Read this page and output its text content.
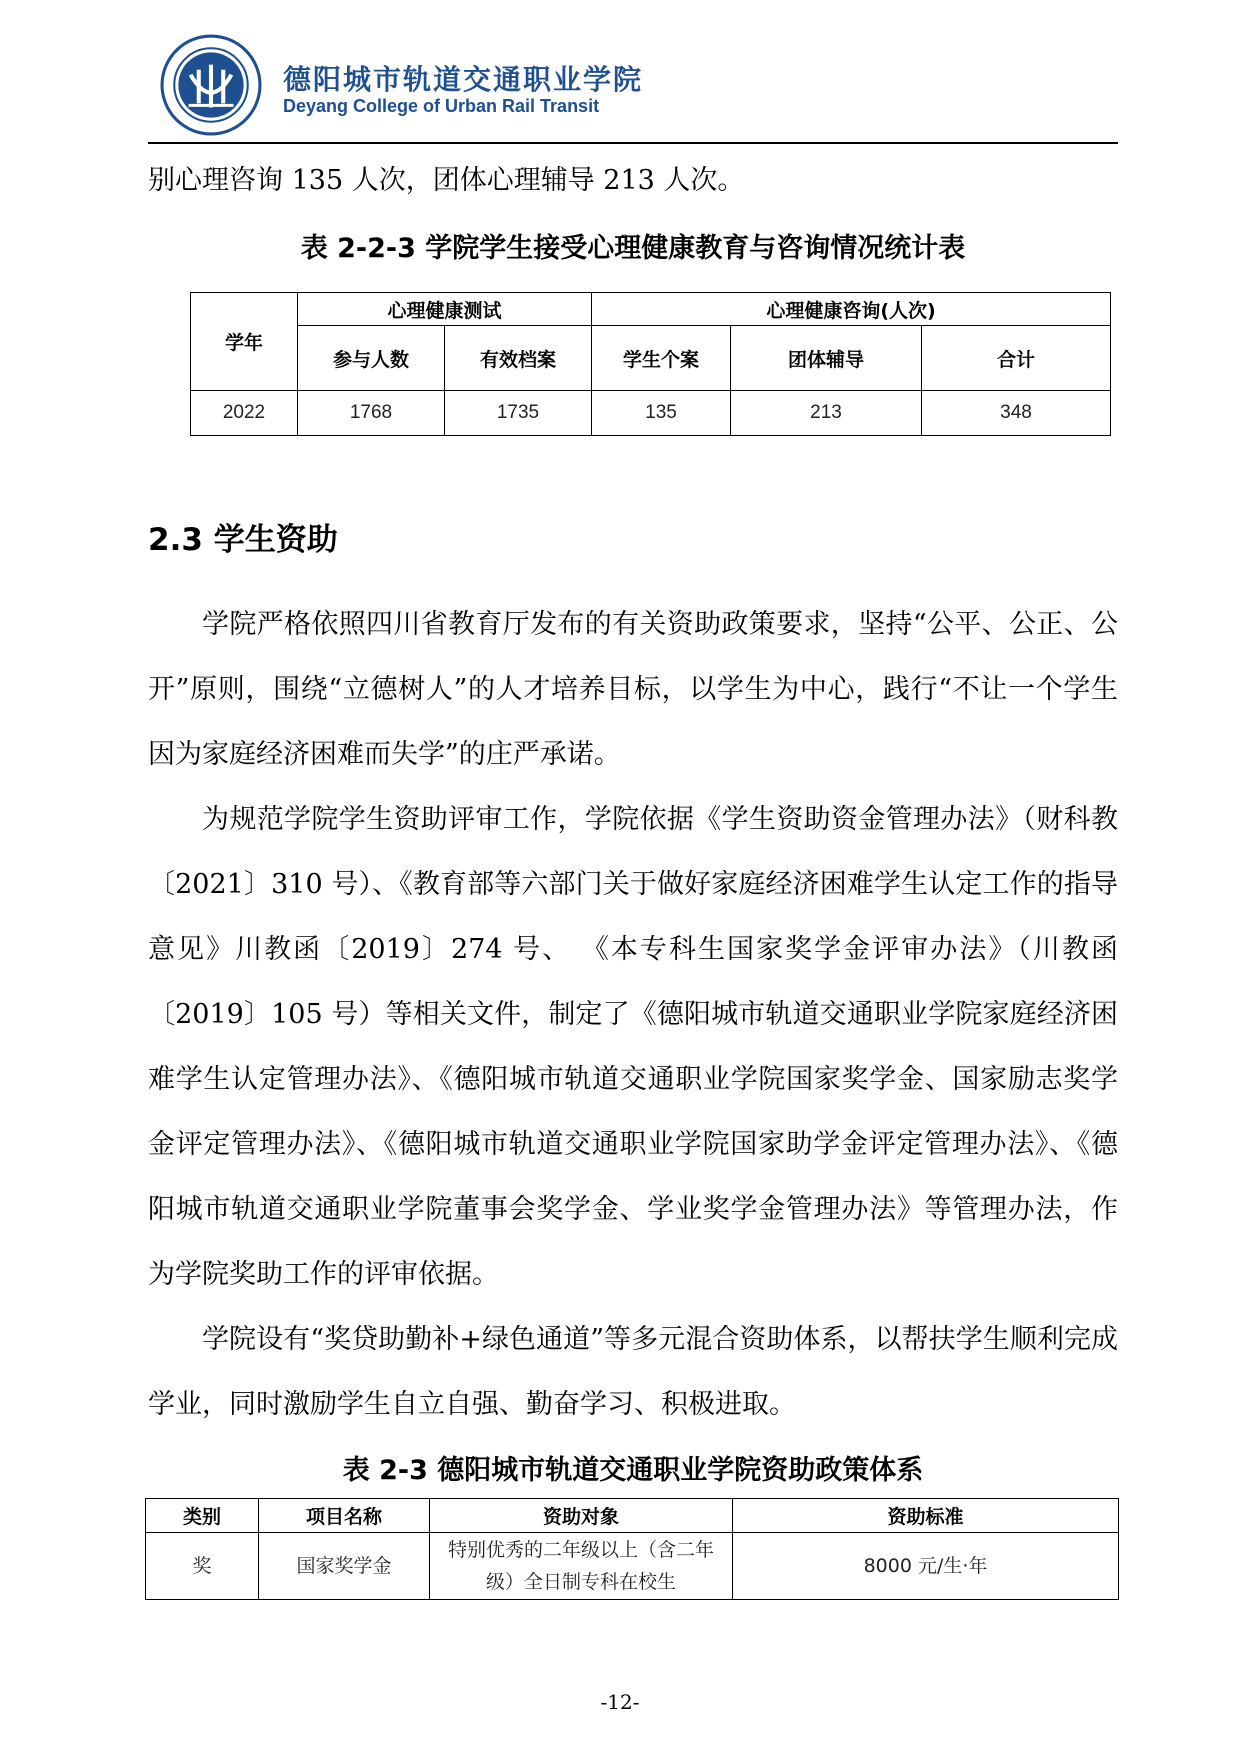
德阳城市轨道交通职业学院
Deyang College of Urban Rail Transit
别心理咨询 135 人次，团体心理辅导 213 人次。
表 2-2-3 学院学生接受心理健康教育与咨询情况统计表
学年	心理健康测试		心理健康咨询(人次)		
	参与人数	有效档案	学生个案	团体辅导	合计
2022	1768	1735	135	213	348
2.3 学生资助
学院严格依照四川省教育厅发布的有关资助政策要求，坚持“公平、公正、公开”原则，围绕“立德树人”的人才培养目标，以学生为中心，践行“不让一个学生因为家庭经济困难而失学”的庄严承诺。
为规范学院学生资助评审工作，学院依据《学生资助资金管理办法》（财科教〔2021〕310 号）、《教育部等六部门关于做好家庭经济困难学生认定工作的指导意见》川教函〔2019〕274 号、 《本专科生国家奖学金评审办法》（川教函〔2019〕105 号）等相关文件，制定了《德阳城市轨道交通职业学院家庭经济困难学生认定管理办法》、《德阳城市轨道交通职业学院国家奖学金、国家励志奖学金评定管理办法》、《德阳城市轨道交通职业学院国家助学金评定管理办法》、《德阳城市轨道交通职业学院董事会奖学金、学业奖学金管理办法》等管理办法，作为学院奖助工作的评审依据。
学院设有“奖贷助勤补+绿色通道”等多元混合资助体系，以帮扶学生顺利完成学业，同时激励学生自立自强、勤奋学习、积极进取。
表 2-3 德阳城市轨道交通职业学院资助政策体系
类别	项目名称	资助对象	资助标准
奖	国家奖学金	特别优秀的二年级以上（含二年级）全日制专科在校生	8000 元/生·年
-12-
